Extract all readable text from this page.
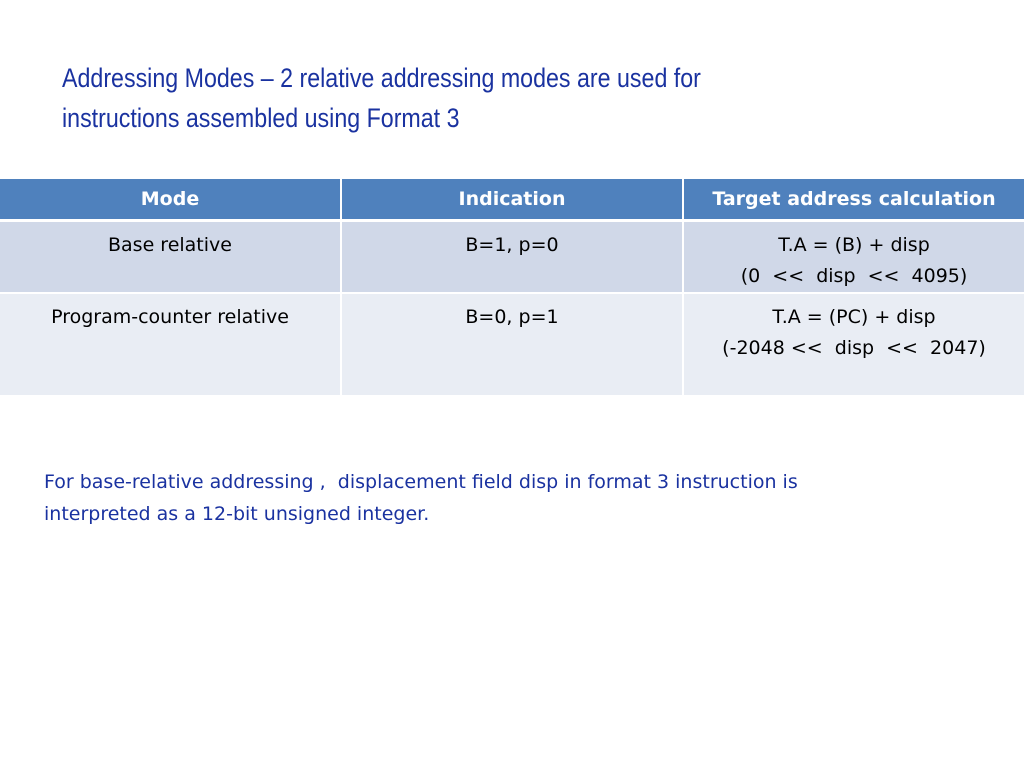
Addressing Modes – 2 relative addressing modes are used for
instructions assembled using Format 3
Mode	Indication	Target address calculation
Base relative	B=1, p=0	T.A = (B) + disp
(0  <<  disp  <<  4095)

Program-counter relative	B=0, p=1	T.A = (PC) + disp
(-2048 <<  disp  <<  2047)

For base-relative addressing ,  displacement field disp in format 3 instruction is
interpreted as a 12-bit unsigned integer.
